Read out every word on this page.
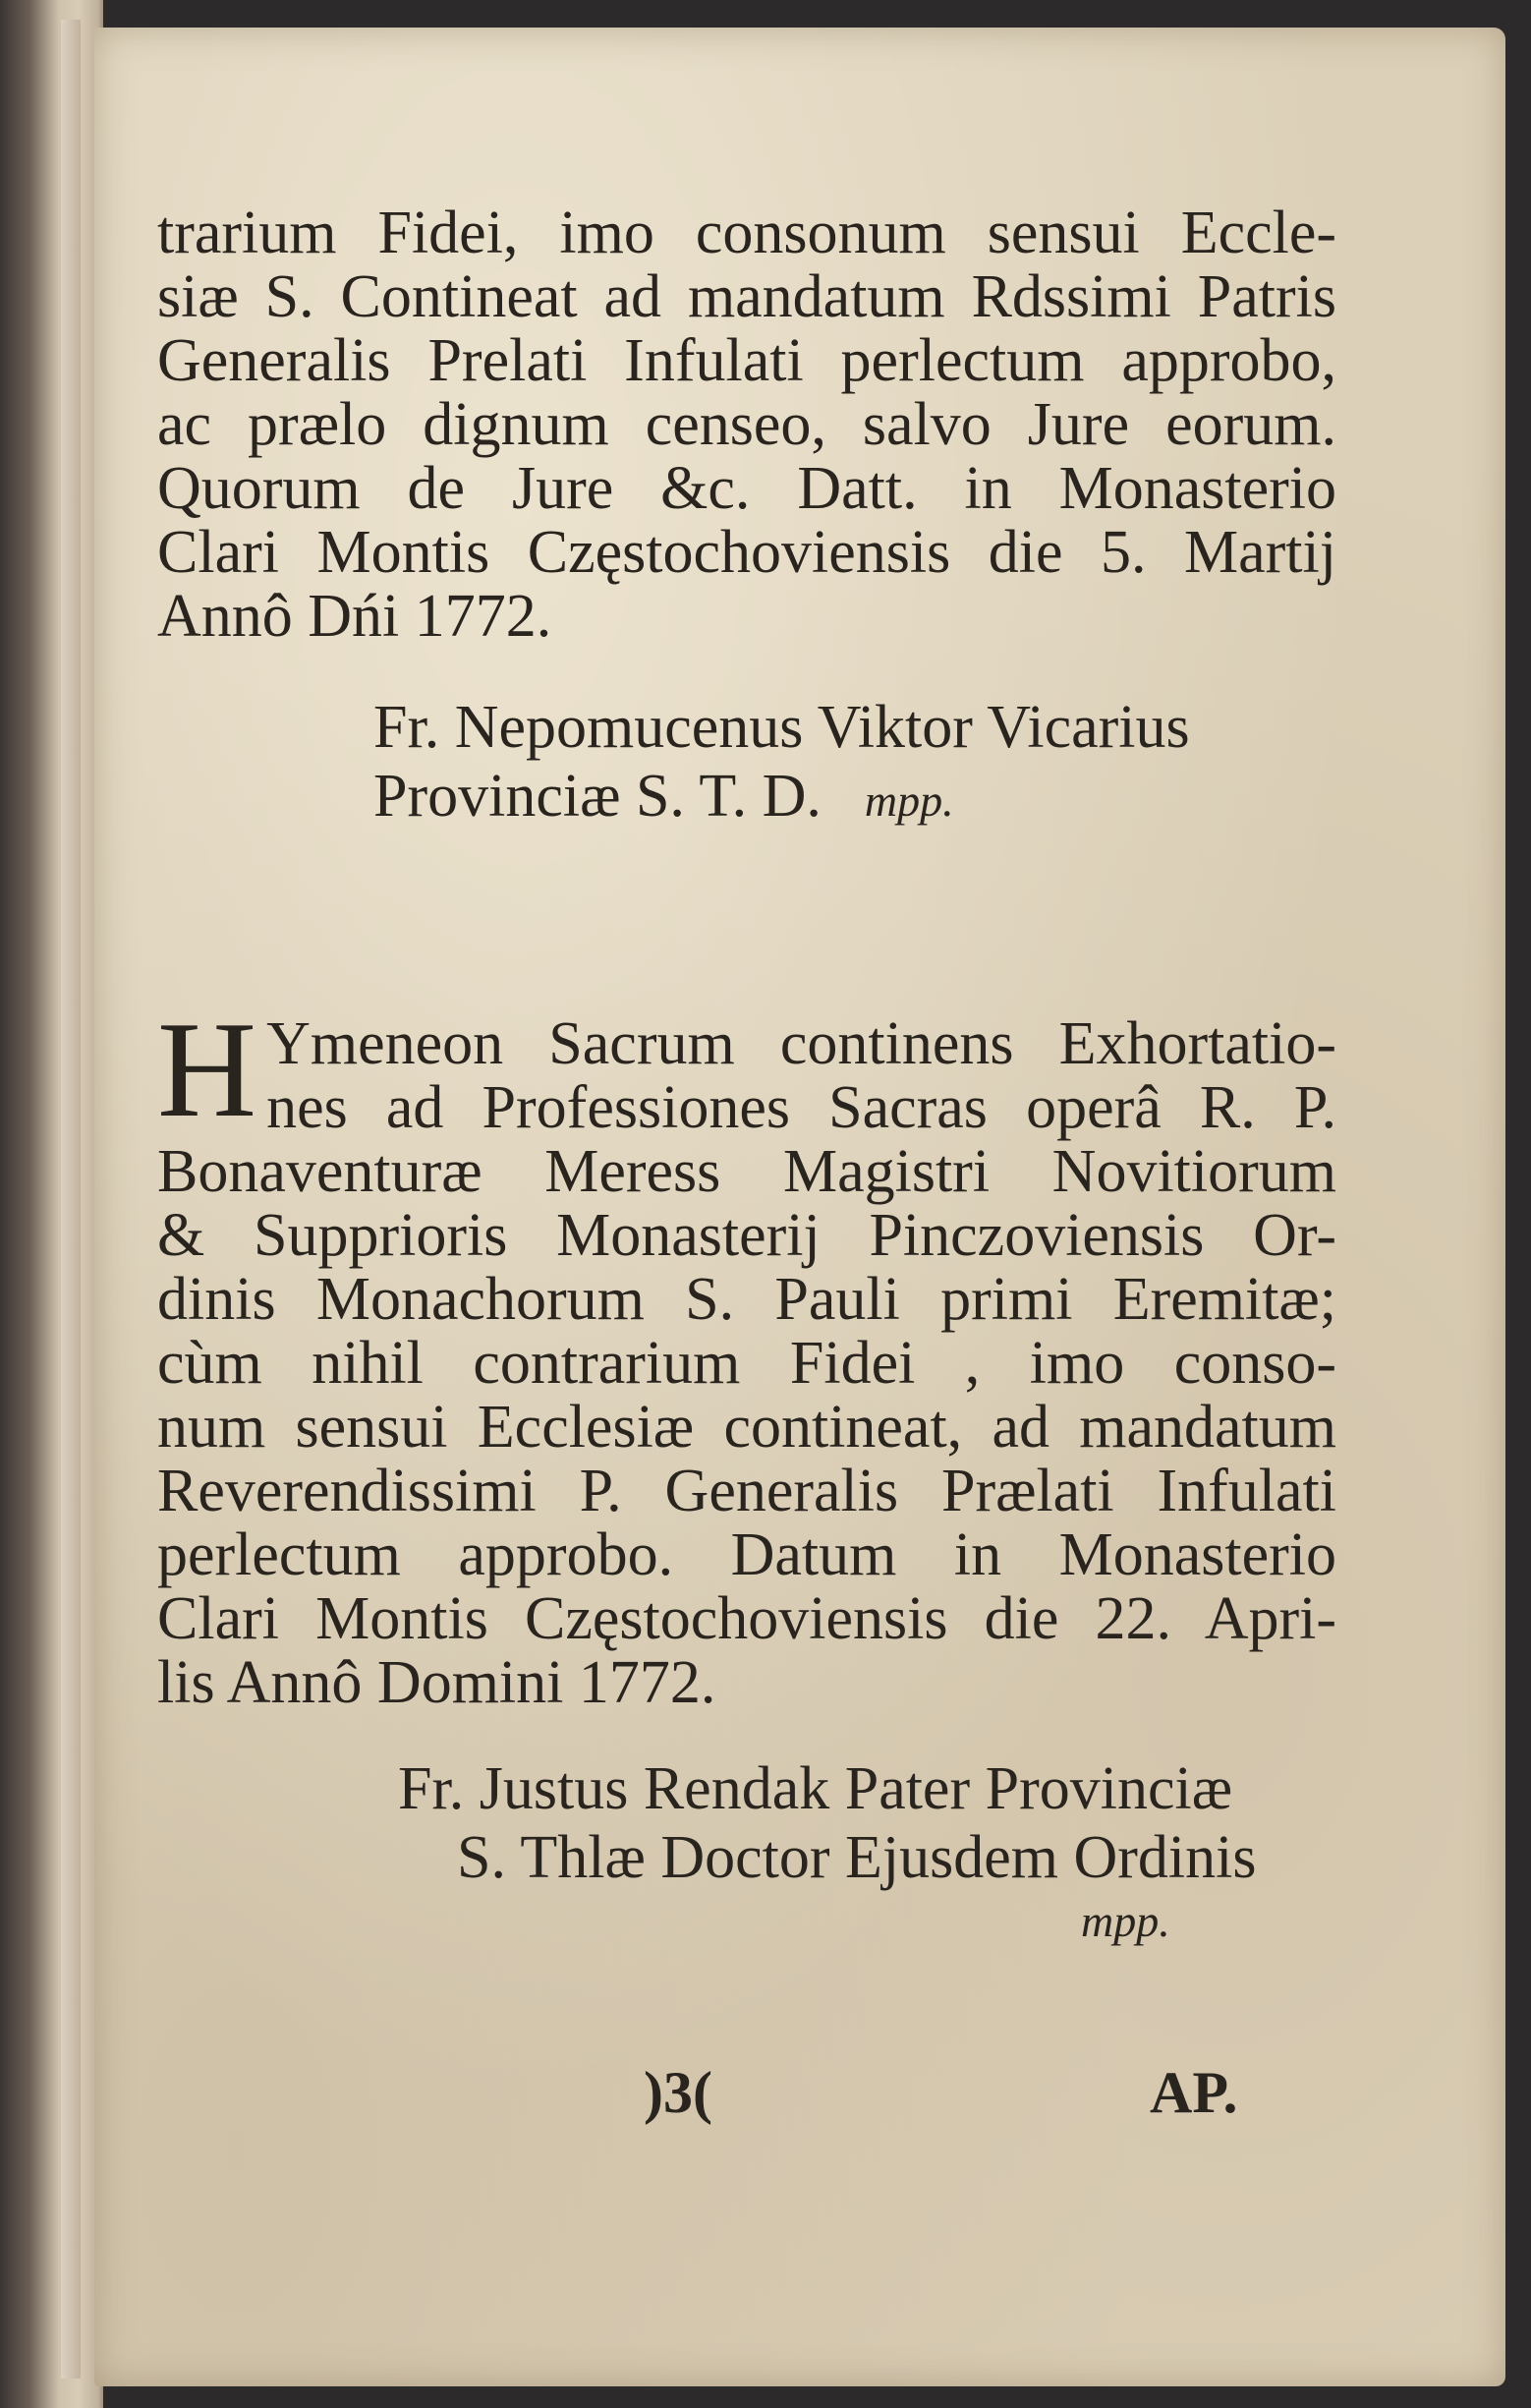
trarium Fidei, imo consonum sensui Eccle-
siæ S. Contineat ad mandatum Rdssimi Patris
Generalis Prelati Infulati perlectum approbo,
ac prælo dignum censeo, salvo Jure eorum.
Quorum de Jure &c. Datt. in Monasterio
Clari Montis Częstochoviensis die 5. Martij
Annô Dńi 1772.
Fr. Nepomucenus Viktor Vicarius
Provinciæ S. T. D. mpp.
H Ymeneon Sacrum continens Exhortatio-
nes ad Professiones Sacras operâ R. P.
Bonaventuræ Meress Magistri Novitiorum
& Supprioris Monasterij Pinczoviensis Or-
dinis Monachorum S. Pauli primi Eremitæ;
cùm nihil contrarium Fidei , imo conso-
num sensui Ecclesiæ contineat, ad mandatum
Reverendissimi P. Generalis Prælati Infulati
perlectum approbo. Datum in Monasterio
Clari Montis Częstochoviensis die 22. Apri-
lis Annô Domini 1772.
Fr. Justus Rendak Pater Provinciæ
S. Thlæ Doctor Ejusdem Ordinis
mpp.
)3(	AP.
